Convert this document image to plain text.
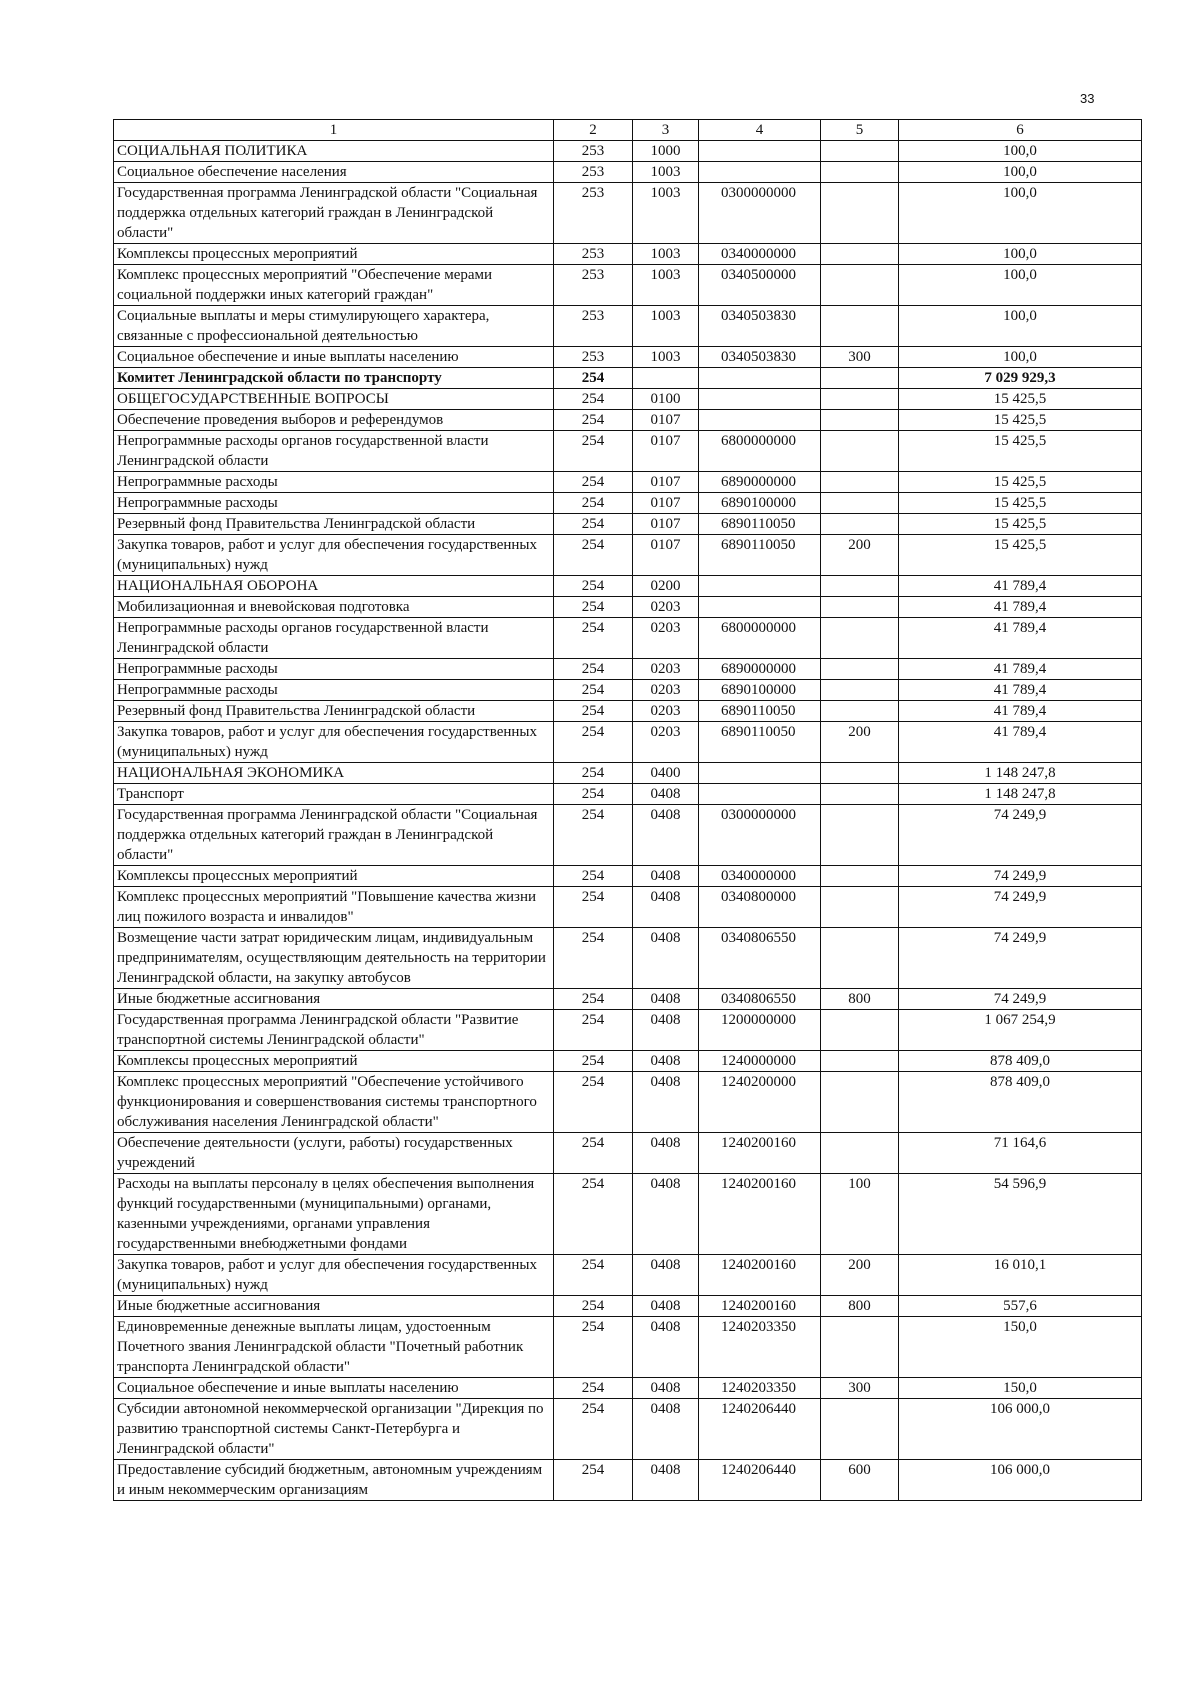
33
1	2	3	4	5	6
СОЦИАЛЬНАЯ ПОЛИТИКА	253	1000			100,0
Социальное обеспечение населения	253	1003			100,0
Государственная программа Ленинградской области "Социальная поддержка отдельных категорий граждан в Ленинградской области"	253	1003	0300000000		100,0
Комплексы процессных мероприятий	253	1003	0340000000		100,0
Комплекс процессных мероприятий "Обеспечение мерами социальной поддержки иных категорий граждан"	253	1003	0340500000		100,0
Социальные выплаты и меры стимулирующего характера, связанные с профессиональной деятельностью	253	1003	0340503830		100,0
Социальное обеспечение и иные выплаты населению	253	1003	0340503830	300	100,0
Комитет Ленинградской области по транспорту	254				7 029 929,3
ОБЩЕГОСУДАРСТВЕННЫЕ ВОПРОСЫ	254	0100			15 425,5
Обеспечение проведения выборов и референдумов	254	0107			15 425,5
Непрограммные расходы органов государственной власти Ленинградской области	254	0107	6800000000		15 425,5
Непрограммные расходы	254	0107	6890000000		15 425,5
Непрограммные расходы	254	0107	6890100000		15 425,5
Резервный фонд Правительства Ленинградской области	254	0107	6890110050		15 425,5
Закупка товаров, работ и услуг для обеспечения государственных (муниципальных) нужд	254	0107	6890110050	200	15 425,5
НАЦИОНАЛЬНАЯ ОБОРОНА	254	0200			41 789,4
Мобилизационная и вневойсковая подготовка	254	0203			41 789,4
Непрограммные расходы органов государственной власти Ленинградской области	254	0203	6800000000		41 789,4
Непрограммные расходы	254	0203	6890000000		41 789,4
Непрограммные расходы	254	0203	6890100000		41 789,4
Резервный фонд Правительства Ленинградской области	254	0203	6890110050		41 789,4
Закупка товаров, работ и услуг для обеспечения государственных (муниципальных) нужд	254	0203	6890110050	200	41 789,4
НАЦИОНАЛЬНАЯ ЭКОНОМИКА	254	0400			1 148 247,8
Транспорт	254	0408			1 148 247,8
Государственная программа Ленинградской области "Социальная поддержка отдельных категорий граждан в Ленинградской области"	254	0408	0300000000		74 249,9
Комплексы процессных мероприятий	254	0408	0340000000		74 249,9
Комплекс процессных мероприятий "Повышение качества жизни лиц пожилого возраста и инвалидов"	254	0408	0340800000		74 249,9
Возмещение части затрат юридическим лицам, индивидуальным предпринимателям, осуществляющим деятельность на территории Ленинградской области, на закупку автобусов	254	0408	0340806550		74 249,9
Иные бюджетные ассигнования	254	0408	0340806550	800	74 249,9
Государственная программа Ленинградской области "Развитие транспортной системы Ленинградской области"	254	0408	1200000000		1 067 254,9
Комплексы процессных мероприятий	254	0408	1240000000		878 409,0
Комплекс процессных мероприятий "Обеспечение устойчивого функционирования и совершенствования системы транспортного обслуживания населения Ленинградской области"	254	0408	1240200000		878 409,0
Обеспечение деятельности (услуги, работы) государственных учреждений	254	0408	1240200160		71 164,6
Расходы на выплаты персоналу в целях обеспечения выполнения функций государственными (муниципальными) органами, казенными учреждениями, органами управления государственными внебюджетными фондами	254	0408	1240200160	100	54 596,9
Закупка товаров, работ и услуг для обеспечения государственных (муниципальных) нужд	254	0408	1240200160	200	16 010,1
Иные бюджетные ассигнования	254	0408	1240200160	800	557,6
Единовременные денежные выплаты лицам, удостоенным Почетного звания Ленинградской области "Почетный работник транспорта Ленинградской области"	254	0408	1240203350		150,0
Социальное обеспечение и иные выплаты населению	254	0408	1240203350	300	150,0
Субсидии автономной некоммерческой организации "Дирекция по развитию транспортной системы Санкт-Петербурга и Ленинградской области"	254	0408	1240206440		106 000,0
Предоставление субсидий бюджетным, автономным учреждениям и иным некоммерческим организациям	254	0408	1240206440	600	106 000,0
